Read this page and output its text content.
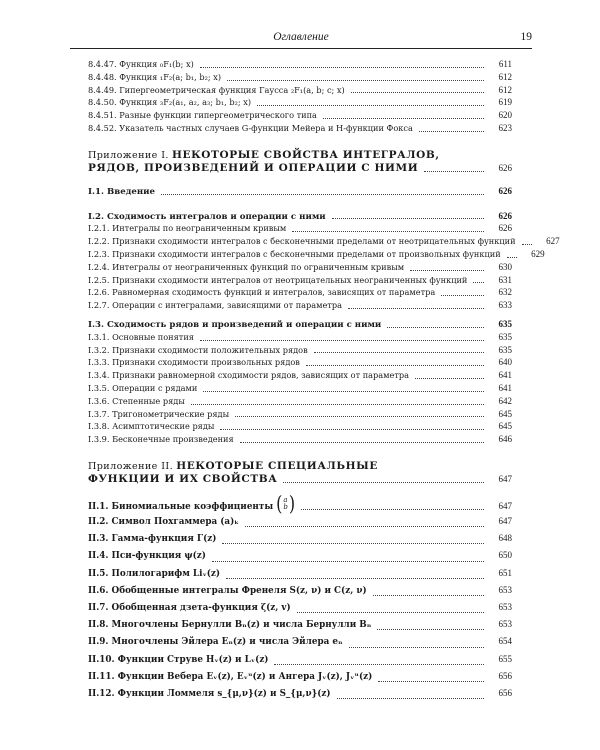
Оглавление	19
8.4.47. Функция ₀F₁(b; x)	611
8.4.48. Функция ₁F₂(a; b₁, b₂; x)	612
8.4.49. Гипергеометрическая функция Гаусса ₂F₁(a, b; c; x)	612
8.4.50. Функция ₃F₂(a₁, a₂, a₃; b₁, b₂; x)	619
8.4.51. Разные функции гипергеометрического типа	620
8.4.52. Указатель частных случаев G-функции Мейера и H-функции Фокса	623
Приложение I. НЕКОТОРЫЕ СВОЙСТВА ИНТЕГРАЛОВ,
РЯДОВ, ПРОИЗВЕДЕНИЙ И ОПЕРАЦИИ С НИМИ	626
I.1. Введение	626
I.2. Сходимость интегралов и операции с ними	626
I.2.1. Интегралы по неограниченным кривым	626
I.2.2. Признаки сходимости интегралов с бесконечными пределами от неотрицательных функций	627
I.2.3. Признаки сходимости интегралов с бесконечными пределами от произвольных функций	629
I.2.4. Интегралы от неограниченных функций по ограниченным кривым	630
I.2.5. Признаки сходимости интегралов от неотрицательных неограниченных функций	631
I.2.6. Равномерная сходимость функций и интегралов, зависящих от параметра	632
I.2.7. Операции с интегралами, зависящими от параметра	633
I.3. Сходимость рядов и произведений и операции с ними	635
I.3.1. Основные понятия	635
I.3.2. Признаки сходимости положительных рядов	635
I.3.3. Признаки сходимости произвольных рядов	640
I.3.4. Признаки равномерной сходимости рядов, зависящих от параметра	641
I.3.5. Операции с рядами	641
I.3.6. Степенные ряды	642
I.3.7. Тригонометрические ряды	645
I.3.8. Асимптотические ряды	645
I.3.9. Бесконечные произведения	646
Приложение II. НЕКОТОРЫЕ СПЕЦИАЛЬНЫЕ
ФУНКЦИИ И ИХ СВОЙСТВА	647
II.1. Биномиальные коэффициенты ( a
b )	647
II.2. Символ Похгаммера (a)ₖ	647
II.3. Гамма-функция Γ(z)	648
II.4. Пси-функция ψ(z)	650
II.5. Полилогарифм Liᵥ(z)	651
II.6. Обобщенные интегралы Френеля S(z, ν) и C(z, ν)	653
II.7. Обобщенная дзета-функция ζ(z, v)	653
II.8. Многочлены Бернулли Bₙ(z) и числа Бернулли Bₙ	653
II.9. Многочлены Эйлера Eₙ(z) и числа Эйлера eₙ	654
II.10. Функции Струве Hᵥ(z) и Lᵥ(z)	655
II.11. Функции Вебера Eᵥ(z), Eᵥᵘ(z) и Ангера Jᵥ(z), Jᵥᵘ(z)	656
II.12. Функции Ломмеля s_{μ,ν}(z) и S_{μ,ν}(z)	656
